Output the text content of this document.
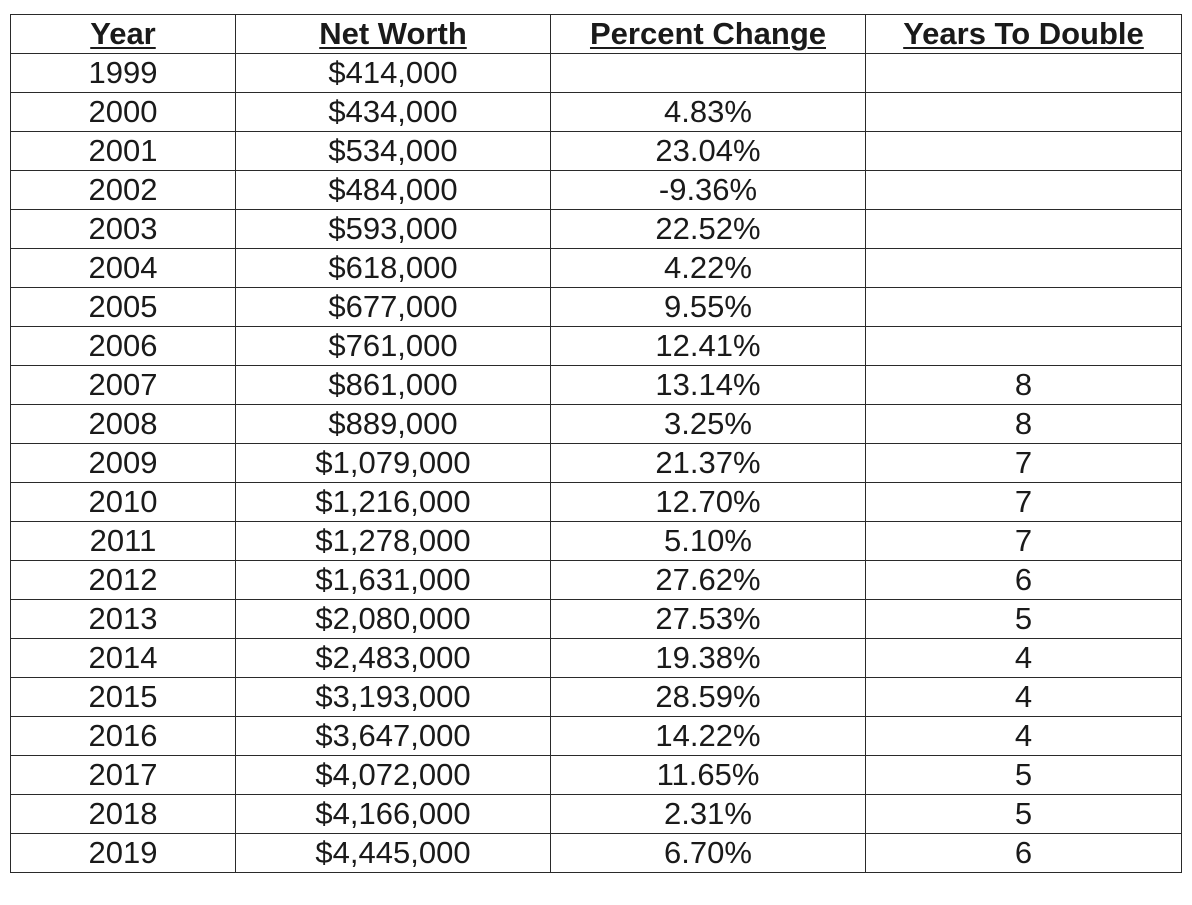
Year	Net Worth	Percent Change	Years To Double
1999	$414,000		
2000	$434,000	4.83%	
2001	$534,000	23.04%	
2002	$484,000	-9.36%	
2003	$593,000	22.52%	
2004	$618,000	4.22%	
2005	$677,000	9.55%	
2006	$761,000	12.41%	
2007	$861,000	13.14%	8
2008	$889,000	3.25%	8
2009	$1,079,000	21.37%	7
2010	$1,216,000	12.70%	7
2011	$1,278,000	5.10%	7
2012	$1,631,000	27.62%	6
2013	$2,080,000	27.53%	5
2014	$2,483,000	19.38%	4
2015	$3,193,000	28.59%	4
2016	$3,647,000	14.22%	4
2017	$4,072,000	11.65%	5
2018	$4,166,000	2.31%	5
2019	$4,445,000	6.70%	6
